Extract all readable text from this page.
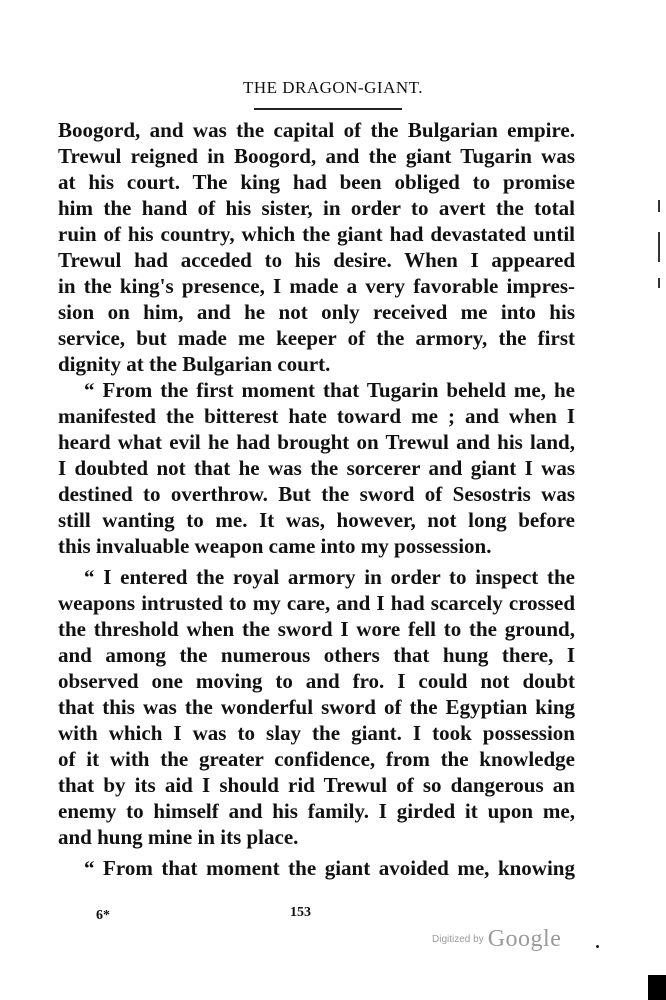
THE DRAGON-GIANT.
Boogord, and was the capital of the Bulgarian empire.
Trewul reigned in Boogord, and the giant Tugarin was
at his court. The king had been obliged to promise
him the hand of his sister, in order to avert the total
ruin of his country, which the giant had devastated until
Trewul had acceded to his desire. When I appeared
in the king's presence, I made a very favorable impres-
sion on him, and he not only received me into his
service, but made me keeper of the armory, the first
dignity at the Bulgarian court.
“ From the first moment that Tugarin beheld me, he
manifested the bitterest hate toward me ; and when I
heard what evil he had brought on Trewul and his land,
I doubted not that he was the sorcerer and giant I was
destined to overthrow. But the sword of Sesostris was
still wanting to me. It was, however, not long before
this invaluable weapon came into my possession.
“ I entered the royal armory in order to inspect the
weapons intrusted to my care, and I had scarcely crossed
the threshold when the sword I wore fell to the ground,
and among the numerous others that hung there, I
observed one moving to and fro. I could not doubt
that this was the wonderful sword of the Egyptian king
with which I was to slay the giant. I took possession
of it with the greater confidence, from the knowledge
that by its aid I should rid Trewul of so dangerous an
enemy to himself and his family. I girded it upon me,
and hung mine in its place.
“ From that moment the giant avoided me, knowing
6*	153
Digitized by Google
